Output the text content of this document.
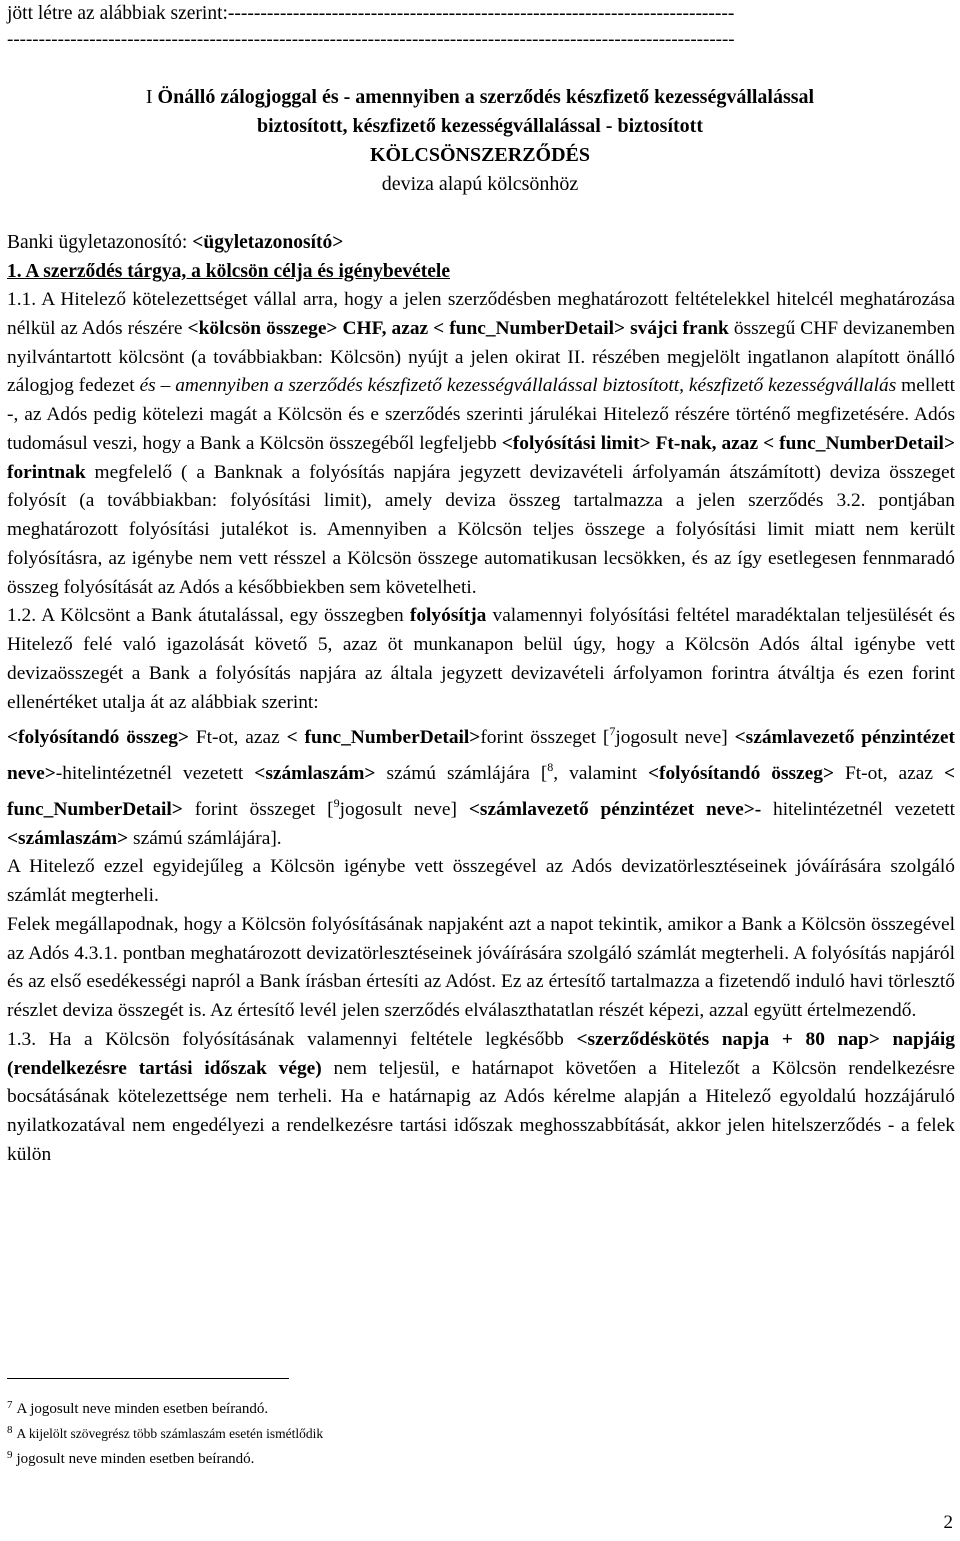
jött létre az alábbiak szerint:------------------------------------------------------------------------------
-------------------------------------------------------------------------------------------------------------------
I Önálló zálogjoggal és - amennyiben a szerződés készfizető kezességvállalással
biztosított, készfizető kezességvállalással - biztosított
KÖLCSÖNSZERZŐDÉS
deviza alapú kölcsönhöz
Banki ügyletazonosító: <ügyletazonosító>
1. A szerződés tárgya, a kölcsön célja és igénybevétele

1.1. A Hitelező kötelezettséget vállal arra, hogy a jelen szerződésben meghatározott feltételekkel hitelcél meghatározása nélkül az Adós részére <kölcsön összege> CHF, azaz < func_NumberDetail> svájci frank összegű CHF devizanemben nyilvántartott kölcsönt (a továbbiakban: Kölcsön) nyújt a jelen okirat II. részében megjelölt ingatlanon alapított önálló zálogjog fedezet és – amennyiben a szerződés készfizető kezességvállalással biztosított, készfizető kezességvállalás mellett -, az Adós pedig kötelezi magát a Kölcsön és e szerződés szerinti járulékai Hitelező részére történő megfizetésére. Adós tudomásul veszi, hogy a Bank a Kölcsön összegéből legfeljebb <folyósítási limit> Ft-nak, azaz < func_NumberDetail> forintnak megfelelő ( a Banknak a folyósítás napjára jegyzett devizavételi árfolyamán átszámított) deviza összeget folyósít (a továbbiakban: folyósítási limit), amely deviza összeg tartalmazza a jelen szerződés 3.2. pontjában meghatározott folyósítási jutalékot is. Amennyiben a Kölcsön teljes összege a folyósítási limit miatt nem került folyósításra, az igénybe nem vett résszel a Kölcsön összege automatikusan lecsökken, és az így esetlegesen fennmaradó összeg folyósítását az Adós a későbbiekben sem követelheti.

1.2. A Kölcsönt a Bank átutalással, egy összegben folyósítja valamennyi folyósítási feltétel maradéktalan teljesülését és Hitelező felé való igazolását követő 5, azaz öt munkanapon belül úgy, hogy a Kölcsön Adós által igénybe vett devizaösszegét a Bank a folyósítás napjára az általa jegyzett devizavételi árfolyamon forintra átváltja és ezen forint ellenértéket utalja át az alábbiak szerint:

<folyósítandó összeg> Ft-ot, azaz < func_NumberDetail>forint összeget [$^7$jogosult neve] <számlavezető pénzintézet neve>-hitelintézetnél vezetett <számlaszám> számú számlájára [$^8$, valamint <folyósítandó összeg> Ft-ot, azaz < func_NumberDetail> forint összeget [$^9$jogosult neve] <számlavezető pénzintézet neve>- hitelintézetnél vezetett <számlaszám> számú számlájára].

A Hitelező ezzel egyidejűleg a Kölcsön igénybe vett összegével az Adós devizatörlesztéseinek jóváírására szolgáló számlát megterheli.

Felek megállapodnak, hogy a Kölcsön folyósításának napjaként azt a napot tekintik, amikor a Bank a Kölcsön összegével az Adós 4.3.1. pontban meghatározott devizatörlesztéseinek jóváírására szolgáló számlát megterheli. A folyósítás napjáról és az első esedékességi napról a Bank írásban értesíti az Adóst. Ez az értesítő tartalmazza a fizetendő induló havi törlesztő részlet deviza összegét is. Az értesítő levél jelen szerződés elválaszthatatlan részét képezi, azzal együtt értelmezendő.

1.3. Ha a Kölcsön folyósításának valamennyi feltétele legkésőbb <szerződéskötés napja + 80 nap> napjáig (rendelkezésre tartási időszak vége) nem teljesül, e határnapot követően a Hitelezőt a Kölcsön rendelkezésre bocsátásának kötelezettsége nem terheli. Ha e határnapig az Adós kérelme alapján a Hitelező egyoldalú hozzájáruló nyilatkozatával nem engedélyezi a rendelkezésre tartási időszak meghosszabbítását, akkor jelen hitelszerződés - a felek külön

$^7$ A jogosult neve minden esetben beírandó.
$^8$ A kijelölt szövegrész több számlaszám esetén ismétlődik
$^9$ jogosult neve minden esetben beírandó.
2
